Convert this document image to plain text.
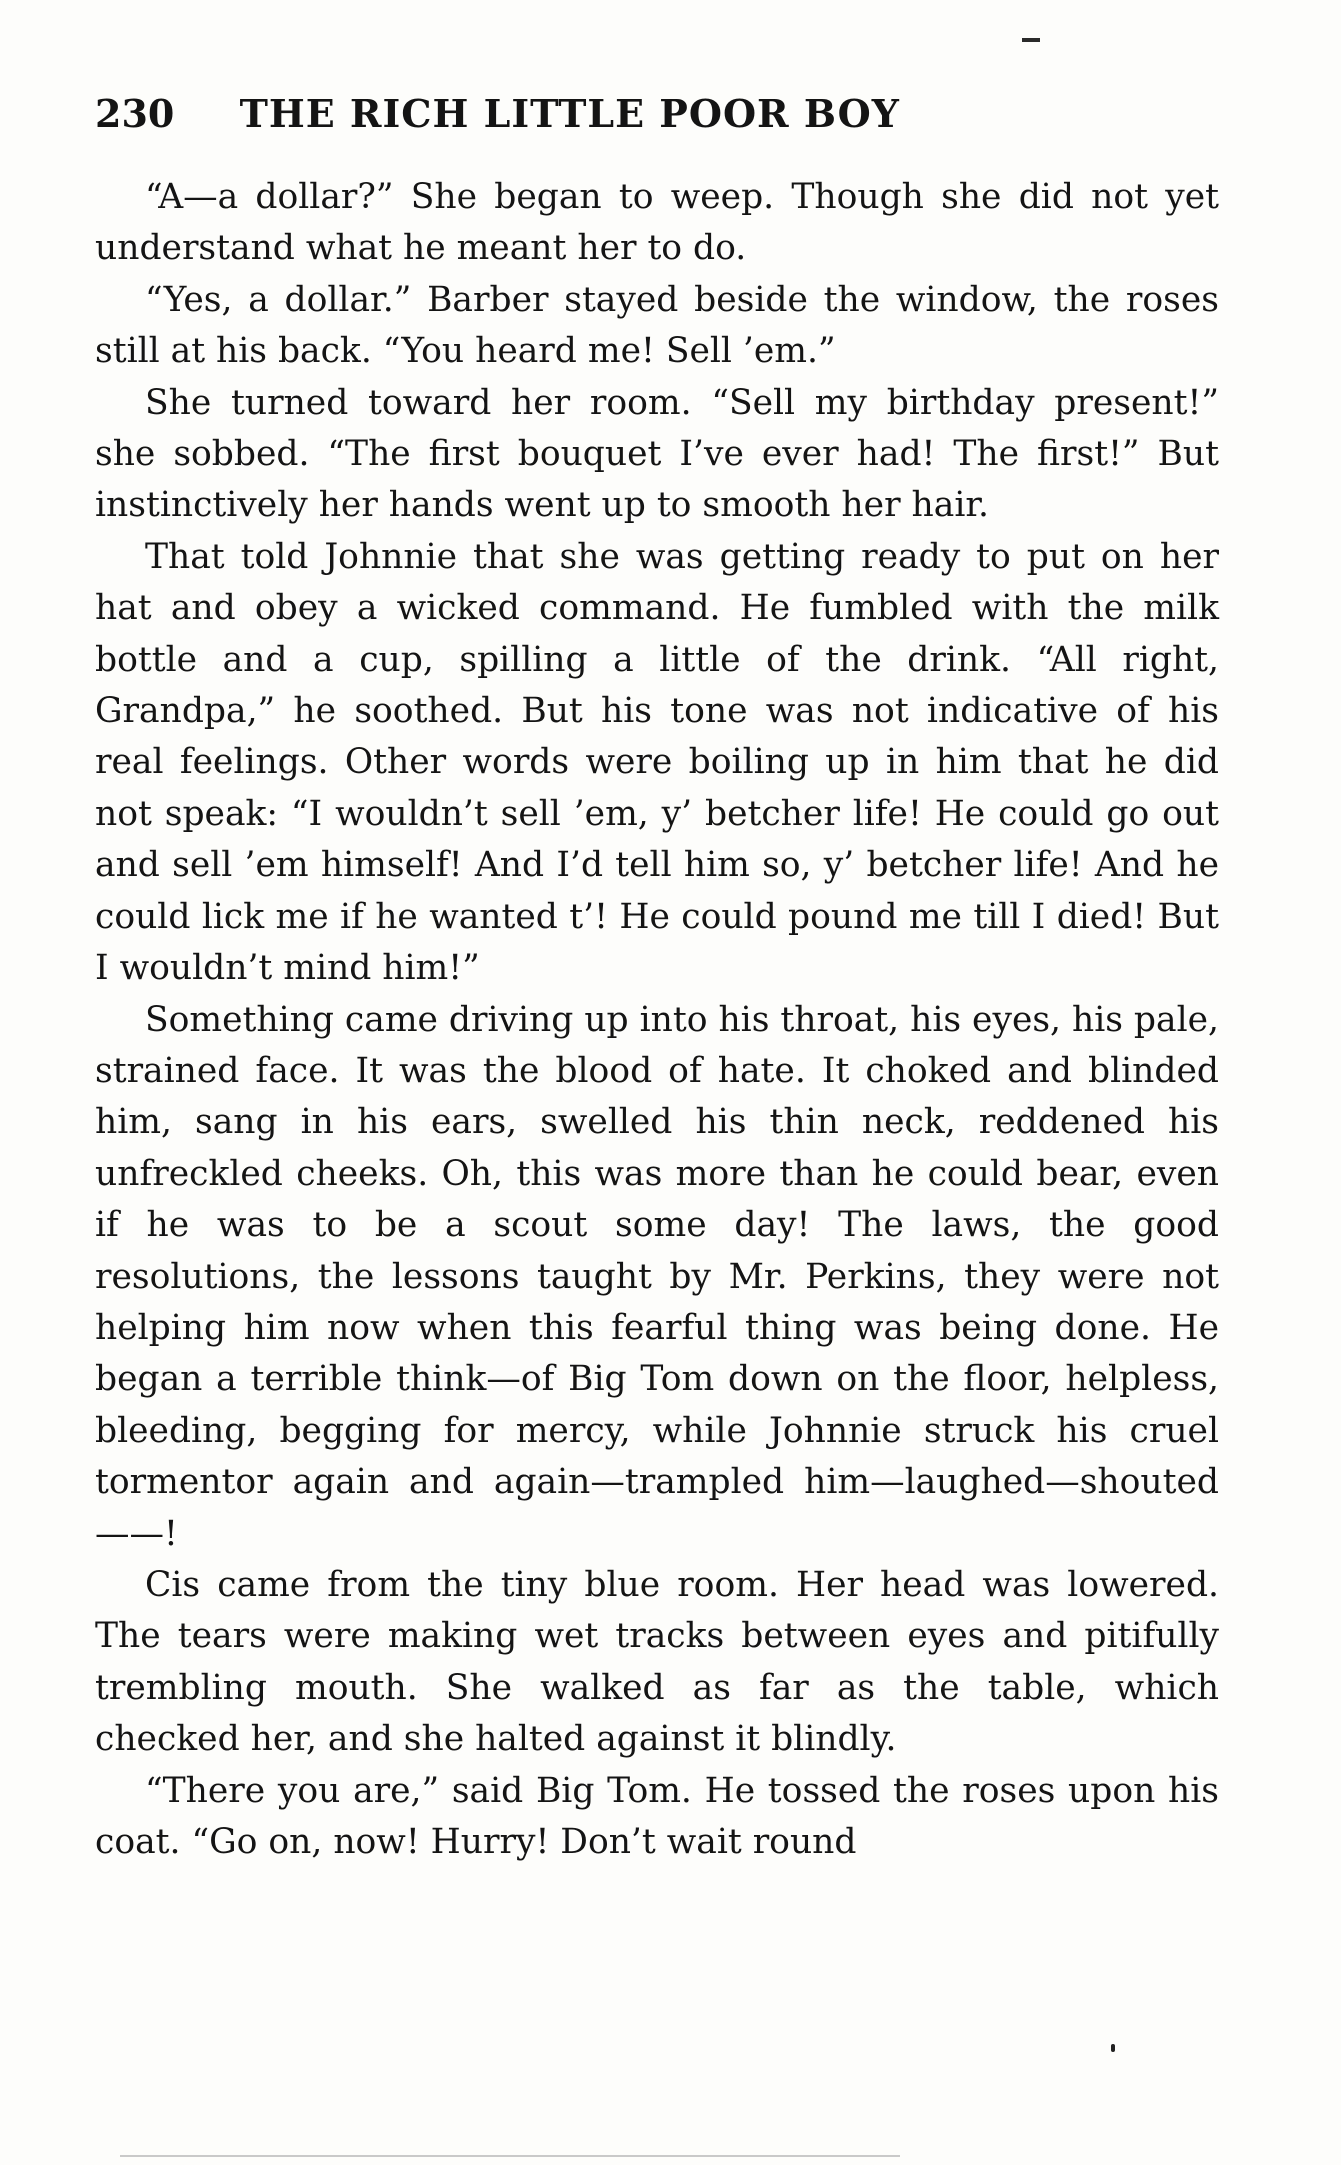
230 THE RICH LITTLE POOR BOY

“A—a dollar?” She began to weep. Though she did not yet understand what he meant her to do.

“Yes, a dollar.” Barber stayed beside the window, the roses still at his back. “You heard me! Sell ’em.”

She turned toward her room. “Sell my birthday present!” she sobbed. “The first bouquet I’ve ever had! The first!” But instinctively her hands went up to smooth her hair.

That told Johnnie that she was getting ready to put on her hat and obey a wicked command. He fumbled with the milk bottle and a cup, spilling a little of the drink. “All right, Grandpa,” he soothed. But his tone was not indicative of his real feelings. Other words were boiling up in him that he did not speak: “I wouldn’t sell ’em, y’ betcher life! He could go out and sell ’em himself! And I’d tell him so, y’ betcher life! And he could lick me if he wanted t’! He could pound me till I died! But I wouldn’t mind him!”

Something came driving up into his throat, his eyes, his pale, strained face. It was the blood of hate. It choked and blinded him, sang in his ears, swelled his thin neck, reddened his unfreckled cheeks. Oh, this was more than he could bear, even if he was to be a scout some day! The laws, the good resolutions, the lessons taught by Mr. Perkins, they were not helping him now when this fearful thing was being done. He began a terrible think—of Big Tom down on the floor, helpless, bleeding, begging for mercy, while Johnnie struck his cruel tormentor again and again—trampled him—laughed—shouted——!

Cis came from the tiny blue room. Her head was lowered. The tears were making wet tracks between eyes and pitifully trembling mouth. She walked as far as the table, which checked her, and she halted against it blindly.

“There you are,” said Big Tom. He tossed the roses upon his coat. “Go on, now! Hurry! Don’t wait round
